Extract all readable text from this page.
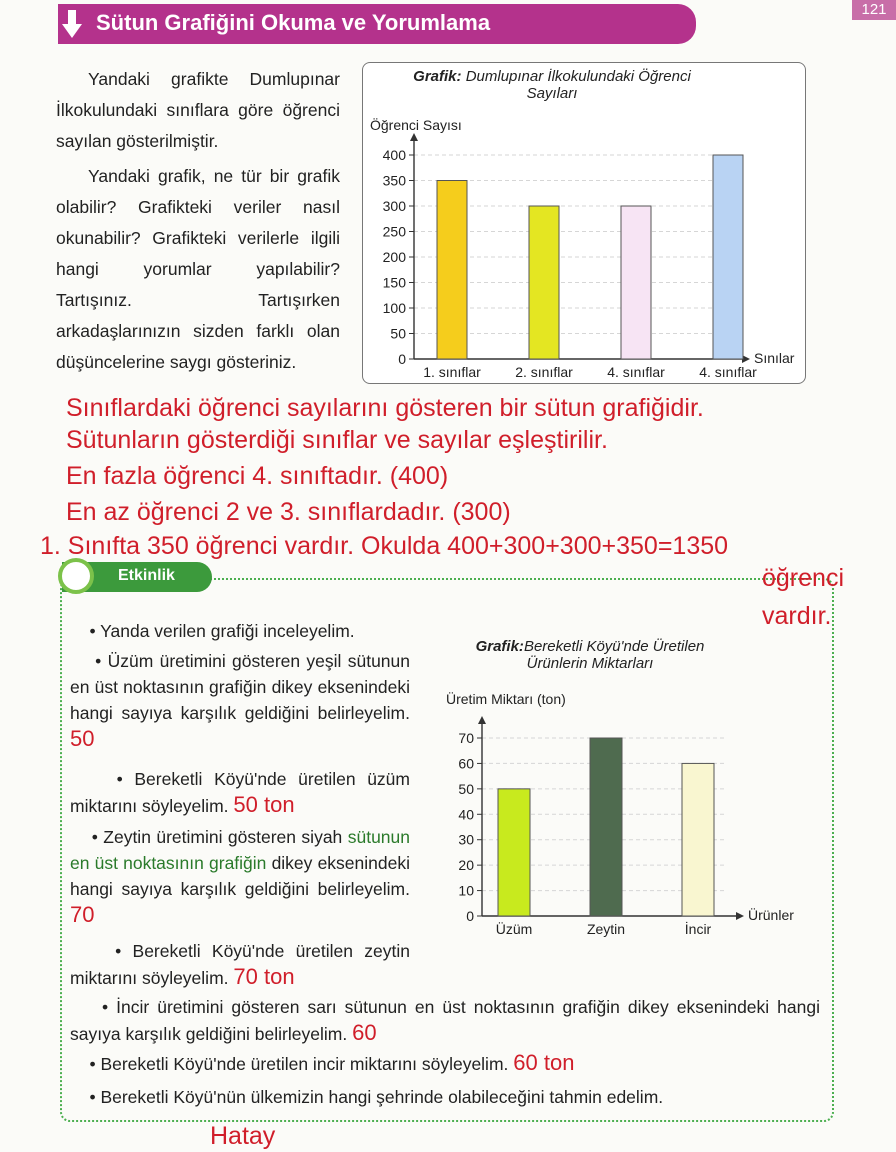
Sütun Grafiğini Okuma ve Yorumlama
121
Yandaki grafikte Dumlupınar İlkokulundaki sınıflara göre öğrenci sayılan gösterilmiştir.
Yandaki grafik, ne tür bir grafik olabilir? Grafikteki veriler nasıl okunabilir? Grafikteki verilerle ilgili hangi yorumlar yapılabilir? Tartışınız. Tartışırken arkadaşlarınızın sizden farklı olan düşüncelerine saygı gösteriniz.
Grafik: Dumlupınar İlkokulundaki Öğrenci
Sayıları
Öğrenci Sayısı
0
50
100
150
200
250
300
350
400
Sınılar
1. sınıflar 2. sınıflar 4. sınıflar 4. sınıflar
Sınıflardaki öğrenci sayılarını gösteren bir sütun grafiğidir.
Sütunların gösterdiği sınıflar ve sayılar eşleştirilir.
En fazla öğrenci 4. sınıftadır. (400)
En az öğrenci 2 ve 3. sınıflardadır. (300)
Etkinlik
1. Sınıfta 350 öğrenci vardır. Okulda 400+300+300+350=1350
öğrenci
vardır.
• Yanda verilen grafiği inceleyelim.
• Üzüm üretimini gösteren yeşil sütunun en üst noktasının grafiğin dikey eksenindeki hangi sayıya karşılık geldiğini belirleyelim. 50
• Bereketli Köyü'nde üretilen üzüm miktarını söyleyelim. 50 ton
• Zeytin üretimini gösteren siyah sütunun en üst noktasının grafiğin dikey eksenindeki hangi sayıya karşılık geldiğini belirleyelim. 70
• Bereketli Köyü'nde üretilen zeytin miktarını söyleyelim. 70 ton
Grafik:Bereketli Köyü'nde Üretilen
Ürünlerin Miktarları
Üretim Miktarı (ton)
0
10
20
30
40
50
60
70
Ürünler
Üzüm	Zeytin	İncir
• İncir üretimini gösteren sarı sütunun en üst noktasının grafiğin dikey eksenindeki hangi sayıya karşılık geldiğini belirleyelim. 60
• Bereketli Köyü'nde üretilen incir miktarını söyleyelim. 60 ton
• Bereketli Köyü'nün ülkemizin hangi şehrinde olabileceğini tahmin edelim.
Hatay
